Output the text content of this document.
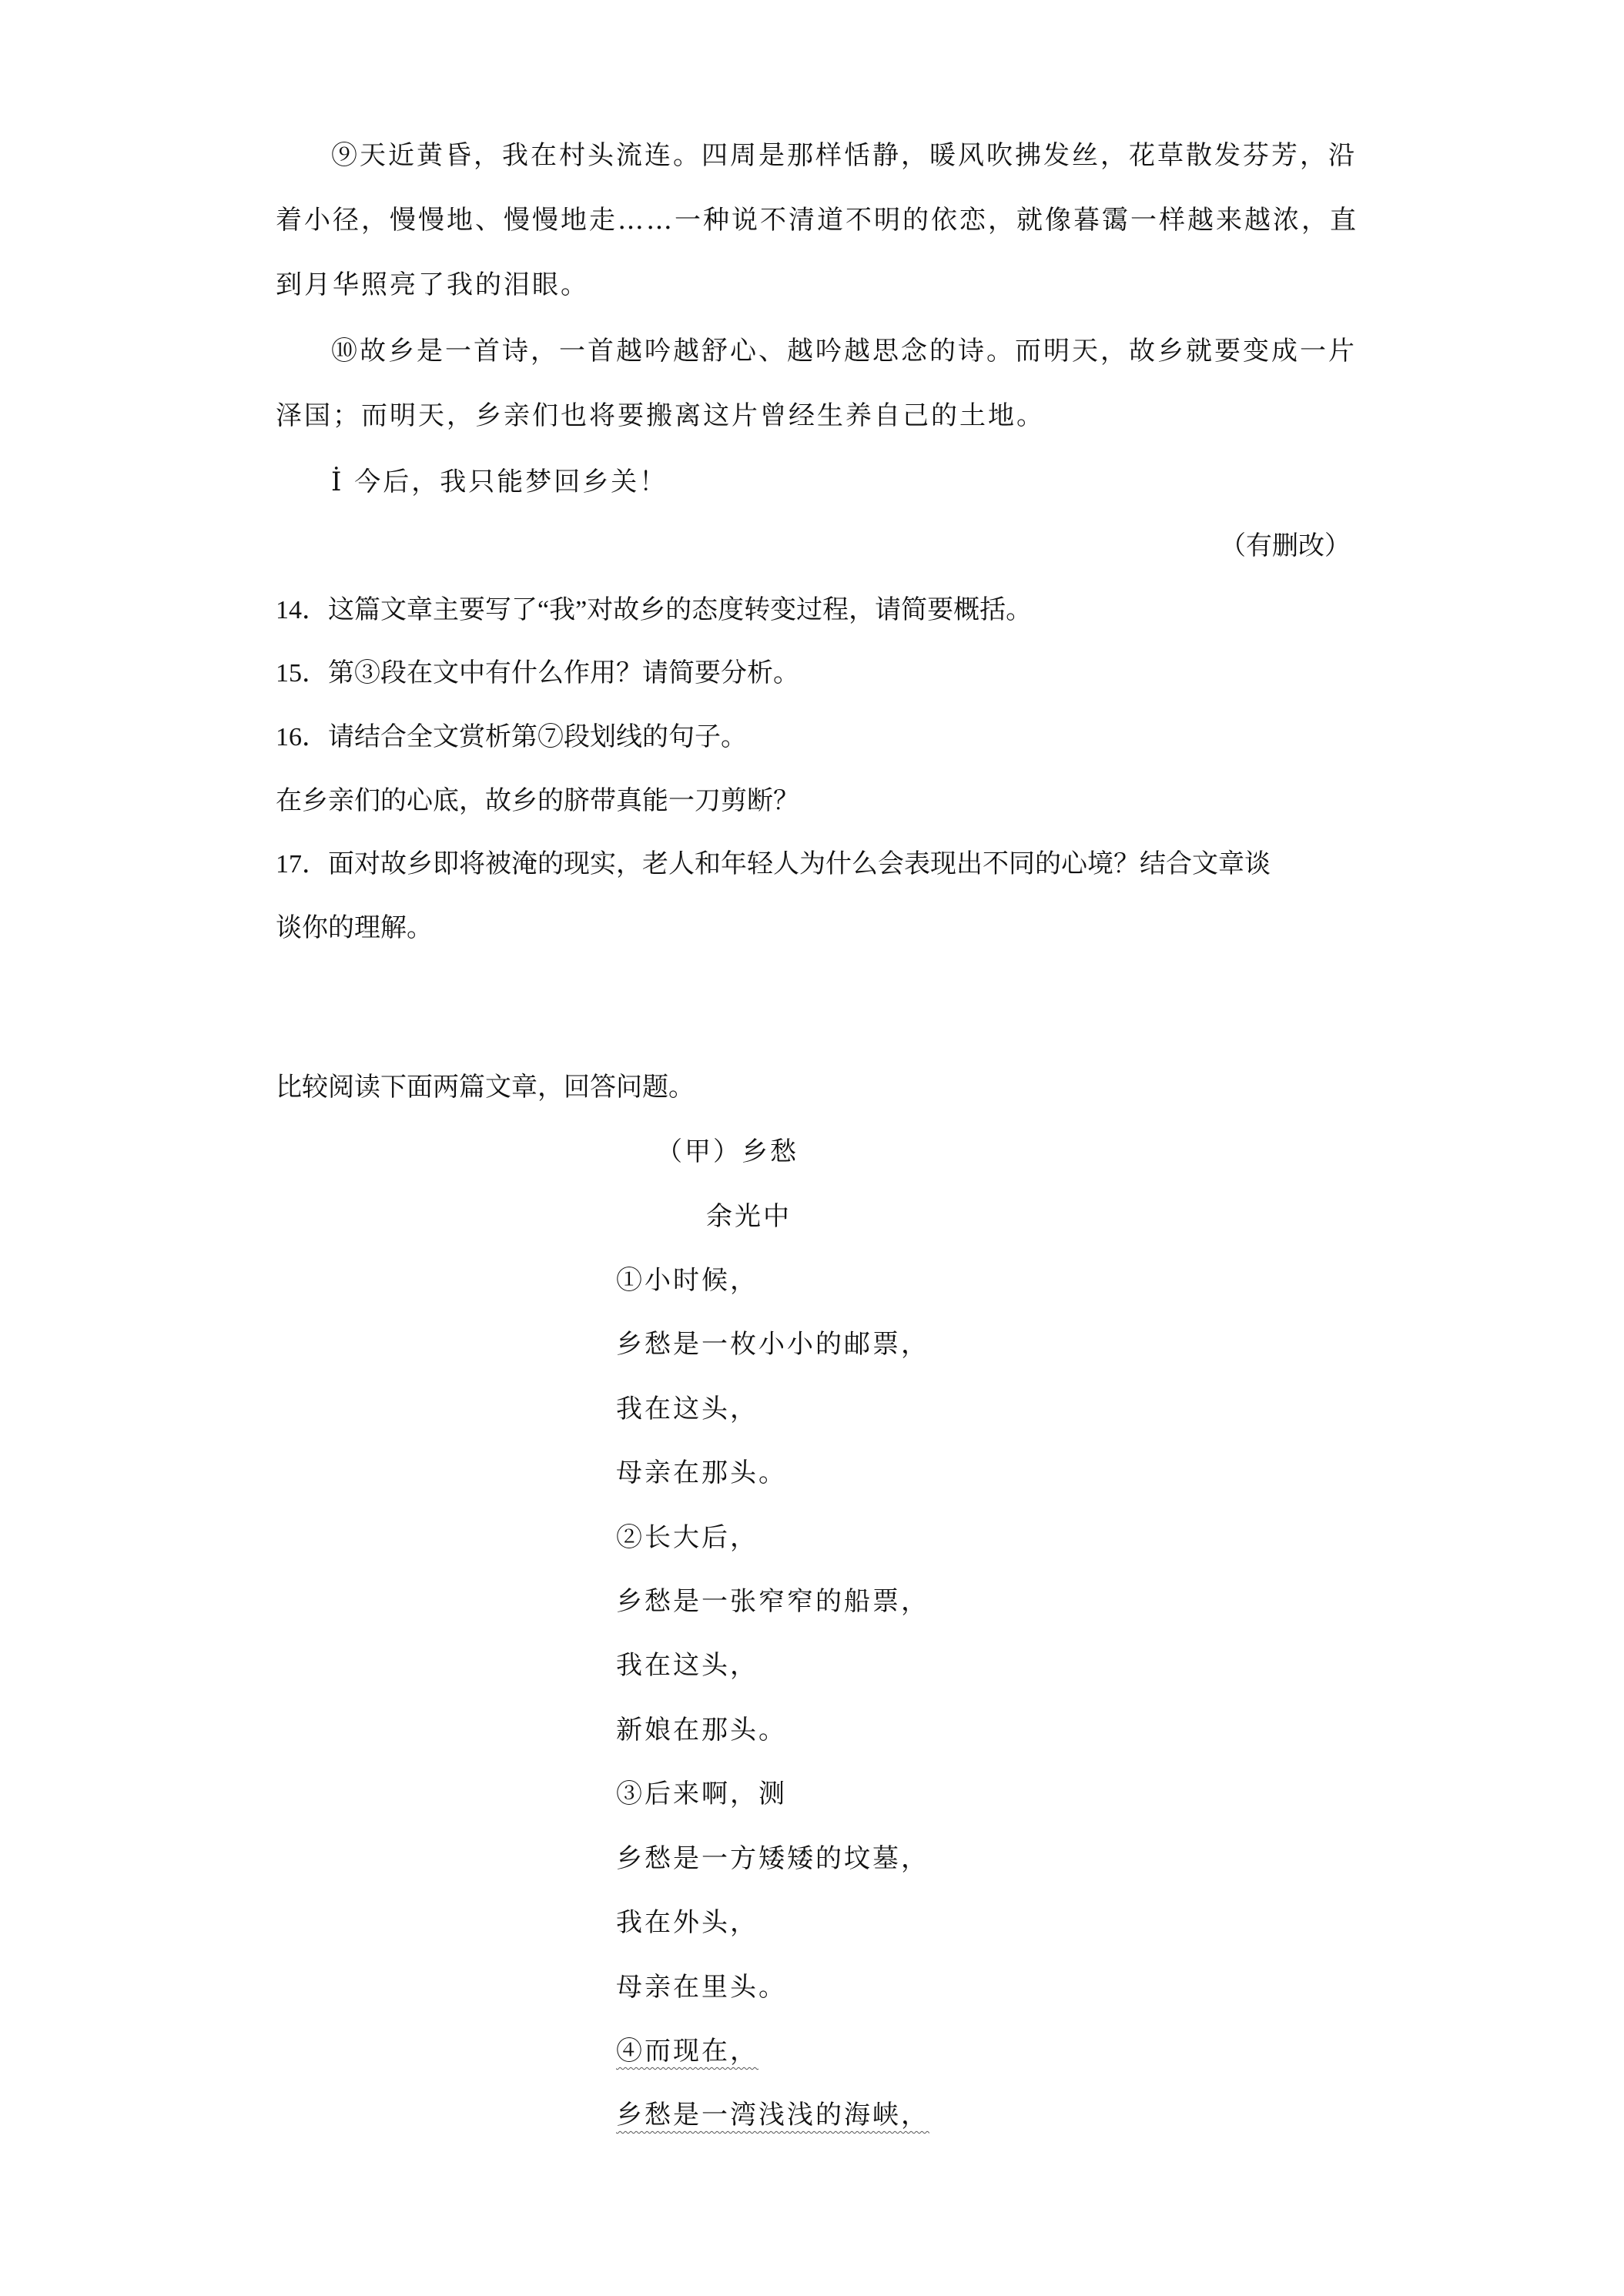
⑨天近黄昏，我在村头流连。四周是那样恬静，暖风吹拂发丝，花草散发芬芳，沿

着小径，慢慢地、慢慢地走……一种说不清道不明的依恋，就像暮霭一样越来越浓，直

到月华照亮了我的泪眼。

⑩故乡是一首诗，一首越吟越舒心、越吟越思念的诗。而明天，故乡就要变成一片

泽国；而明天，乡亲们也将要搬离这片曾经生养自己的土地。

İ 今后，我只能梦回乡关！

（有删改）

14．这篇文章主要写了“我”对故乡的态度转变过程，请简要概括。

15．第③段在文中有什么作用？请简要分析。

16．请结合全文赏析第⑦段划线的句子。

在乡亲们的心底，故乡的脐带真能一刀剪断？

17．面对故乡即将被淹的现实，老人和年轻人为什么会表现出不同的心境？结合文章谈

谈你的理解。

比较阅读下面两篇文章，回答问题。

（甲）乡愁

余光中

①小时候，

乡愁是一枚小小的邮票，

我在这头，

母亲在那头。

②长大后，

乡愁是一张窄窄的船票，

我在这头，

新娘在那头。

③后来啊，测

乡愁是一方矮矮的坟墓，

我在外头，

母亲在里头。

④而现在，

乡愁是一湾浅浅的海峡，
